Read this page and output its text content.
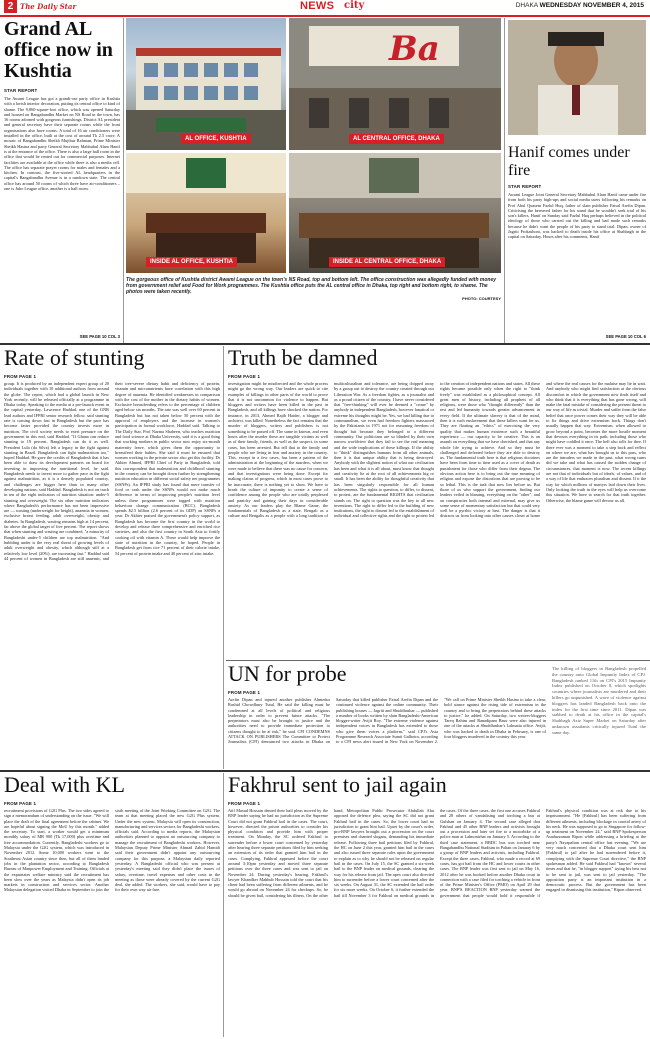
2 The Daily Star	NEWS city	DHAKA WEDNESDAY NOVEMBER 4, 2015
Grand AL office now in Kushtia
STAR REPORT
The Awami League has got a grandi-ose party office in Kushtia with a lavish interior decoration, putting its central office to kind of shame. The 9,860-square-foot office, which was opened Saturday and housed on Bangabandhu Market on NS Road in the town, has 16 rooms adorned with gorgeous furnishings. District AL president and general secretary have their separate rooms while the front organisations also have rooms. A total of 16 air conditioners were installed in the office, built at the cost of around Tk 2.5 crore. A mosaic of Bangabandhu Sheikh Mujibur Rahman, Prime Minister Sheikh Hasina and party General Secretary Mahbubul Alam Hanif is at the entrance of the office. There is also a large hall room in the office that would be rented out for commercial purposes. Internet facilities are available at the office while there is also a media cell. The office has separate prayer rooms for males and females and a kitchen. In contrast, the five-storied AL headquarters in the capital's Bangabandhu Avenue is in a rundown state. The central office has around 50 rooms of which three have air-conditioners – one is Jubo League office, another is a hall room.
SEE PAGE 10 COL 3
AL OFFICE, KUSHTIA
Ba
AL CENTRAL OFFICE, DHAKA
INSIDE AL OFFICE, KUSHTIA	INSIDE AL CENTRAL OFFICE, DHAKA
The gorgeous office of Kushtia district Awami League on the town's NS Road, top and bottom left. The office construction was allegedly funded with money from government relief and Food for Work programmes. The Kushtia office puts the AL central office in Dhaka, top right and bottom right, to shame. The photos were taken recently.
PHOTO: COURTESY
Hanif comes under fire
STAR REPORT
Awami League Joint General Secretary Mahbubul Alam Hanif came under fire from both his party high-ups and social media users following his remarks on Prof Abul Quasem Fazlul Huq, father of slain publisher Faisal Arefin Dipan. Criticising the bereaved father for his stand that he wouldn't seek trial of his son's killers, Hanif on Sunday said Fazlul Huq perhaps believed in the political ideology of those who carried out the killing and had made such remarks because he didn't want the people of his party to stand trial. Dipan, owner of Jagriti Prokashoni, was hacked to death inside his office at Shahbagh in the capital on Saturday. Hours after his comments, Hanif
SEE PAGE 10 COL 6
Rate of stunting
FROM PAGE 1
group. It is produced by an independent expert group of 20 individuals together with 10 additional authors from around the globe. The report, which had a global launch in New York recently, will be released officially at a programme in Dhaka today. Speaking to the media at a pre-launch event in the capital yesterday, Lawrence Haddad, one of the GNR lead authors and IFPRI senior research fellow, said stunting rate is coming down fast in Bangladesh but the pace has become faster provided the country invests more in nutrition. The civil society needs to exert pressure on the government in this end, said Haddad. "If Ghana can reduce stunting to 19 percent, Bangladesh can do it as well. President Lula (da Silva) left a legacy in the fight against stunting in Brazil. Bangladesh can fight malnutrition too," hoped Haddad. He gave the credits of Bangladesh that it has been able to draw its development partners on board for investing in improving the nutritional level, he said. Bangladesh needs to invest more to gather pace in the fight against malnutrition, as it is a densely populated country, and challenges are bigger here than in many other developing nations, said Haddad. Bangladesh is not on track in ten of the eight indicators of nutrition situation: under-5 stunting and overweight. The six other nutrition indicators where Bangladesh's performance has not been impressive are — wasting (underweight for height), anaemia in women, exclusive breast feeding, adult overweight, obesity and diabetes. In Bangladesh, wasting remains high at 14 percent, far above the global target of five percent. The report shows that when stunting and wasting are combined, "a minority of Bangladeshi under-5 children are top malnutrition. "And bubbling under is the very real threat of growing levels of adult overweight and obesity, which although still at a relatively low level (20%), are increasing fast." Haddad said 44 percent of women in Bangladesh are still anaemic, and their tree-severe dietary habit and deficiency of protein, vitamin and micronutrients have correlation with this high degree of anaemia. He identified weaknesses in comparison with the cost of the mother in the dietary habits of women. Exclusive breastfeeding refers to the percentage of children aged below six months. The rate was well over 60 percent in Bangladesh but has not taken below 50 percent with the approval of employers and the increase in women's participation in formal workforce, Haddad said. Talking to The Daily Star, Prof Nazma Shaheen, who teaches nutrition and food science at Dhaka University, said it is a good thing that working mothers in public sector now enjoy six-month maternity leave, which gives them the opportunity to breastfeed their babies. She said it must be ensured that women working in the private sector also get this facility. Dr Akhter Ahmed, IFPRI Chief of Party in Bangladesh, told this correspondent that malnutrition and childhood stunting in the country can be brought down further by strengthening nutrition education in different social safety net programmes (SSNPs). An IFPRI study has found that mere transfer of food or cash under the SSNPs would not make much difference in terms of improving people's nutrition level unless these programmes were tagged with nutrition behaviour change communication (BCC). Bangladesh spends $2.5 billion (2.6 percent of its GDP) on SSNPs a year. Dr Akhter praised the government's policy support, as Bangladesh has become the first country in the world to develop and release three comprehensive and enriched rice varieties, and also the first country in South Asia to fortify cooking oil with vitamin A. These would help improve the state of nutrition in the country, he hoped. People in Bangladesh get from rice 71 percent of their calorie intake, 54 percent of protein intake and 40 percent of zinc intake.
Truth be damned
FROM PAGE 1
investigation might be misdirected and the whole process might go the wrong way. Our leaders are quick to cite examples of killings in other parts of the world to prove that it is not uncommon for violence to happen. But bloggers and writers have been killed in the past in Bangladesh, and all killings have shocked the nation. For instance, in 2013, Ahmed Rajib Haider, a blogger and architect, was killed. Nonetheless the fact remains that the murder of bloggers, writers and publishers is not something to be passed off. The same in known, and even hours after the murder these are tangible victims as well as of their family, friends, as well as the suspect, in some cases, has been arrested. But tell that to the family and people who are living in fear and anxiety in the country. This, except in a few cases, has been a pattern of the administration at the beginning of the murders, when we were made to believe that there was no cause for concern, and that investigations were being done. Except for making claims of progress, which in most cases prove to be inaccurate, there is nothing yet to show. We have to break the culture of impunity to create a sense of confidence among the people who are totally perplexed and panicky and gaining their days in considerable anxiety. As our leaders play the Blame Game, the fundamentals of Bangladesh as a state, Bengali as a culture and Bengalis as a people with a long tradition of multiculturalism and tolerance, are being chipped away by a group out to destroy the country created through our Liberation War. As a freedom fighter, as a journalist and as a proud citizen of the country, I have never considered that "free-thinking" will ever be deemed a "crime" by anybody in independent Bangladesh, however fanatical or extreme his thoughts might be. Yes, we had killing due to communalism, we even had freedom fighters massacred by the Pakistanis in 1971 not for reasoning freedom of thought but because they belonged to a different community. Our politicians are so blinded by their own narrow worldview that they fail to see the real meaning and the wide implications of these killings. If the ability to "think" distinguishes humans from all other animals, then it is that unique ability that is being destroyed. Anybody with the slightest notion of what our civilisation has been and what it is all about, must know that thought and creativity lie at the root of all achievements big or small. It has been the ability for thoughtful creativity that has been singularly responsible for all human achievements. The rights to question, to differ, to dissent, to protest, are the fundamental RIGHTS that civilisation stands on. The right to question was the key to all new inventions. The right to differ led to the building of new institutions, the right to dissent led to the establishment of individual and collective rights and the right to protest led to the creation of independent nations and states. All these rights became possible only when the right to "think freely" was established as a philosophical concept. All great men of history, including all prophets of all religions, were those who "thought differently" than the rest and led humanity towards greater advancement in every field. If the ultimate slavery is that of the mind, then it is such enslavement that these killers want for us. They are floating an "ethics" of exercising the very quality that makes human existence such a beautiful experience — our capacity to be creative. This is an assault on everything that we have cherished, and that any whole life trying to achieve. And so they must be challenged and defeated before they are able to destroy us. The fundamental truth here is that religious doctrines have been from time to time used as a cover of death as punishment for those who differ from their dogma. The obvious action here is to bring out the true meaning of religion and expose the distortions that are proving to be so lethal. This is the task that now lies before us. But those of us who support the government, finding our leaders veiled in blaming, everything on the "other", and on conspiracies both internal and external, may give us some sense of momentary satisfaction but that could very well be a pyrrhic victory at best. The danger is that it distracts us from looking into other causes closer at home and where the real causes for the malaise may lie in wait. And anybody who might find satisfaction at the obvious discomfort in which the government now finds itself and who think that it is everything that has gone wrong, will make the fatal mistake of considering the present threat to our way of life as trivial. Murder and suffer from the false belief that once power comes their way they will be able to fix things and drive extremism back. Things don't usually happen that way. Extremism, when allowed to grow beyond a point, becomes the more hostile moment that devours everything in its path, including those who might have coddled it once. The hell also tolls for thee. If there ever was a moment to take a step back and reflect on where we are, what has brought us to this pass, who are the intruders we made in the past, what wrong turns did we take and what has caused the sudden change of circumstances, that moment is now. The recent killings are not that of individuals but of ideals, of values, and of a way of life that embraces pluralism and dissent. If it the way for which millions of martyrs laid down their lives. Only looking the truth in the eyes will help us overcome this situation. We have to search for that truth together. Otherwise, the blame game will devour us all.
UN for probe
FROM PAGE 1
Arefin Dipan and injured another publisher Ahmedur Rashid Chowdhury Tutul. He said the killing must be condemned at all levels of political and religious leadership in order to prevent future attacks. "The perpetrators must also be brought to justice and the authorities need to provide immediate protection to citizens thought to be at risk," he said. CPJ CONDEMNS ATTACK ON PUBLISHERS The Committee to Protect Journalists (CPJ) denounced two attacks in Dhaka on Saturday that killed publisher Faisal Arefin Dipan and the continued violence against the online community. Their publishing houses — Jagriti and Shuddhashar — published a number of books written by slain Bangladeshi-American blogger-writer Avijit Roy. "The extreme violence against independent voices in Bangladesh has extended to those who give them voices a platform," said CPJ's Asia Programme Research Associate Sumit Galhotra, according to a CPJ news alert issued in New York on November 2. "We call on Prime Minister Sheikh Hasina to take a clear, bold stance against the rising tide of extremism in the country and to bring the perpetrators behind these attacks to justice," he added. On Saturday, two writers-bloggers Tareq Rahim and Ranadipam Basu were also injured in one of the attacks at Shuddhashar's Lalmatia office. Avijit, who was hacked to death in Dhaka in February, is one of four bloggers murdered in the country this year.
The killing of bloggers in Bangladesh propelled the country onto Global Impunity Index of CPJ. Bangladesh ranked 11th on CPJ's 2015 Impunity Index published on October 8, which spotlights countries where journalists are murdered and their killers go unpunished. A wave of violence against bloggers has landed Bangladesh back onto the index for the first time since 2011. Dipan was stabbed to death at his office in the capital's Shahbagh Aziz Super Market on Saturday after unknown assailants critically injured Tutul the same day.
Deal with KL
FROM PAGE 1
recruitment provisions of G2G Plus. The two sides agreed to sign a memorandum of understanding on the issue. "We will place the draft of the final agreement before the cabinet. We are hopeful about signing the MoU by this month," added the secretary. To start, a worker would get a minimum monthly salary of MR 900 (Tk 17,000) plus overtime and free accommodation. Currently, Bangladeshi workers go to Malaysia under the G2G system, which was introduced in November 2012. Some 10,000 workers went to the Southeast Asian country since then, but all of them landed jobs in the plantation sector, according to Bangladesh Bureau of Manpower Employment and Training. Officials at the expatriates welfare ministry said the recruitment has been slow over the years as Malaysia didn't open its job markets in construction and services sector. Another Malaysian delegation visited Dhaka in September to join the sixth meeting of the Joint Working Committee on G2G. The team at that meeting placed the new G2G Plus system. Under the new system, Malaysia will open its construction, manufacturing and services sectors for Bangladeshi workers, officials said. According to media reports, the Malaysian authorities planned to appoint an outsourcing company to manage the recruitment of Bangladeshi workers. However, Malaysian Deputy Prime Minister Ahmad Zahid Hamidi said their government didn't appoint any outsourcing company for this purpose, a Malaysian daily reported yesterday. A Bangladeshi official who was present at yesterday's meeting said they didn't place the issues of salary, overtime, travel expenses and other costs in the meeting as those were already covered by the current G2G deal, she added. The workers, she said, would have to pay for their own way air fare.
Fakhrul sent to jail again
FROM PAGE 1
Atif Masud Hossain denied their bail pleas moved by the BNP leader saying he had no jurisdiction as the Supreme Court did not grant Fakhrul bail in the cases. The court, however, directed the prison authorities to consider his physical condition and provide him with proper treatment. On Monday, the SC ordered Fakhrul to surrender before a lower court concerned by yesterday after hearing three separate petitions filed by him seeking an extension of its order that granted him bail in the cases. Complying, Fakhrul appeared before the court around 3:10pm yesterday and moved three separate petitions over the three cases and was sent to jail on November 24. During yesterday's hearing, Fakhrul's lawyer Khandker Mahbub Hossain told the court that his client had been suffering from different ailments, and he would go abroad on November 24 for checkups. So, he should be given bail, considering his illness. On the other hand, Metropolitan Public Prosecutor Abdullah Abu opposed the defence plea, saying the SC did not grant Fakhrul bail in the cases. So, the lower court had no jurisdiction to grant him bail. Upset by the court's order, pro-BNP lawyers brought out a procession on the court premises and chanted slogans, demanding his immediate release. Following three bail petitions filed by Fakhrul, the HC on June 2 this year, granted him bail in the cases and also issued three separate rules upon the government to explain as to why he should not be released on regular bail in the cases. On July 15, the SC granted a six-week bail to the BNP leader on medical grounds, clearing the way for his release from jail. The apex court also directed him to surrender before a lower court concerned after the six weeks. On August 31, the SC extended the bail order for six more weeks. On October 6, it further extended the bail till November 3 for Fakhrul on medical grounds in the cases. Of the three cases, the first one accuses Fakhrul and 28 others of vandalising and torching a bus at Gulshan on January 4. The second case alleged that Fakhrul and 45 other BNP leaders and activists brought out a procession and later set fire to a motorbike of a police man at Lalmonirhat on January 5. According to the third case statement, a BBDC bus was torched near Bangabandhu National Stadium in Paltan on January 6 by a group of BNP leaders and activists, including Fakhrul. Except the three cases, Fakhrul, who made a record at 69 cases, has got bail from the HC and lower courts in other cases. The BNP leader was first sent to jail on May 16, 2012 after he was booked before another Dhaka court in connection with a case filed for torching a vehicle in front of the Prime Minister's Office (PMO) on April 29 that year. BNP'S REACTION BNP yesterday warned the government that people would hold it responsible if Fakhrul's physical condition was at risk due to his imprisonment. "He [Fakhrul] has been suffering from different ailments, including blockage in carotid artery of his neck. He was supposed to go to Singapore for follow-up treatment on November 24," said BNP Spokesperson Asaduzzaman Ripon while addressing a briefing at the party's Nayapaltan central office last evening. "We are very much concerned that a Dhaka court sent him [Fakhrul] to jail after he had surrendered before it, complying with the Supreme Court directive," the BNP spokesman added. He said Fakhrul had "known" several times and that he, "in blogger support" trying his best not to be sent to jail, was sent to jail yesterday. "The opposition party is an important institution in a democratic process. But the government has been engaged in dismissing this institution," Ripon observed.
